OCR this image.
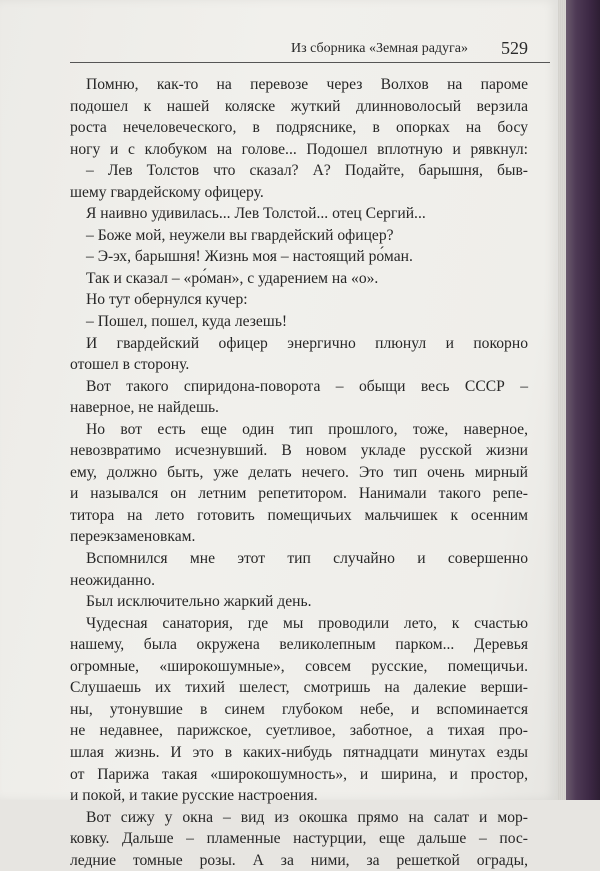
Из сборника «Земная радуга» 529
Помню, как-то на перевозе через Волхов на пароме
подошел к нашей коляске жуткий длинноволосый верзила
роста нечеловеческого, в подряснике, в опорках на босу
ногу и с клобуком на голове... Подошел вплотную и рявкнул:
– Лев Толстов что сказал? А? Подайте, барышня, быв-
шему гвардейскому офицеру.
Я наивно удивилась... Лев Толстой... отец Сергий...
– Боже мой, неужели вы гвардейский офицер?
– Э-эх, барышня! Жизнь моя – настоящий ро́ман.
Так и сказал – «ро́ман», с ударением на «о».
Но тут обернулся кучер:
– Пошел, пошел, куда лезешь!
И гвардейский офицер энергично плюнул и покорно
отошел в сторону.
Вот такого спиридона-поворота – обыщи весь СССР –
наверное, не найдешь.
Но вот есть еще один тип прошлого, тоже, наверное,
невозвратимо исчезнувший. В новом укладе русской жизни
ему, должно быть, уже делать нечего. Это тип очень мирный
и назывался он летним репетитором. Нанимали такого репе-
титора на лето готовить помещичьих мальчишек к осенним
переэкзаменовкам.
Вспомнился мне этот тип случайно и совершенно
неожиданно.
Был исключительно жаркий день.
Чудесная санатория, где мы проводили лето, к счастью
нашему, была окружена великолепным парком... Деревья
огромные, «широкошумные», совсем русские, помещичьи.
Слушаешь их тихий шелест, смотришь на далекие верши-
ны, утонувшие в синем глубоком небе, и вспоминается
не недавнее, парижское, суетливое, заботное, а тихая про-
шлая жизнь. И это в каких-нибудь пятнадцати минутах езды
от Парижа такая «широкошумность», и ширина, и простор,
и покой, и такие русские настроения.
Вот сижу у окна – вид из окошка прямо на салат и мор-
ковку. Дальше – пламенные настурции, еще дальше – пос-
ледние томные розы. А за ними, за решеткой ограды,
